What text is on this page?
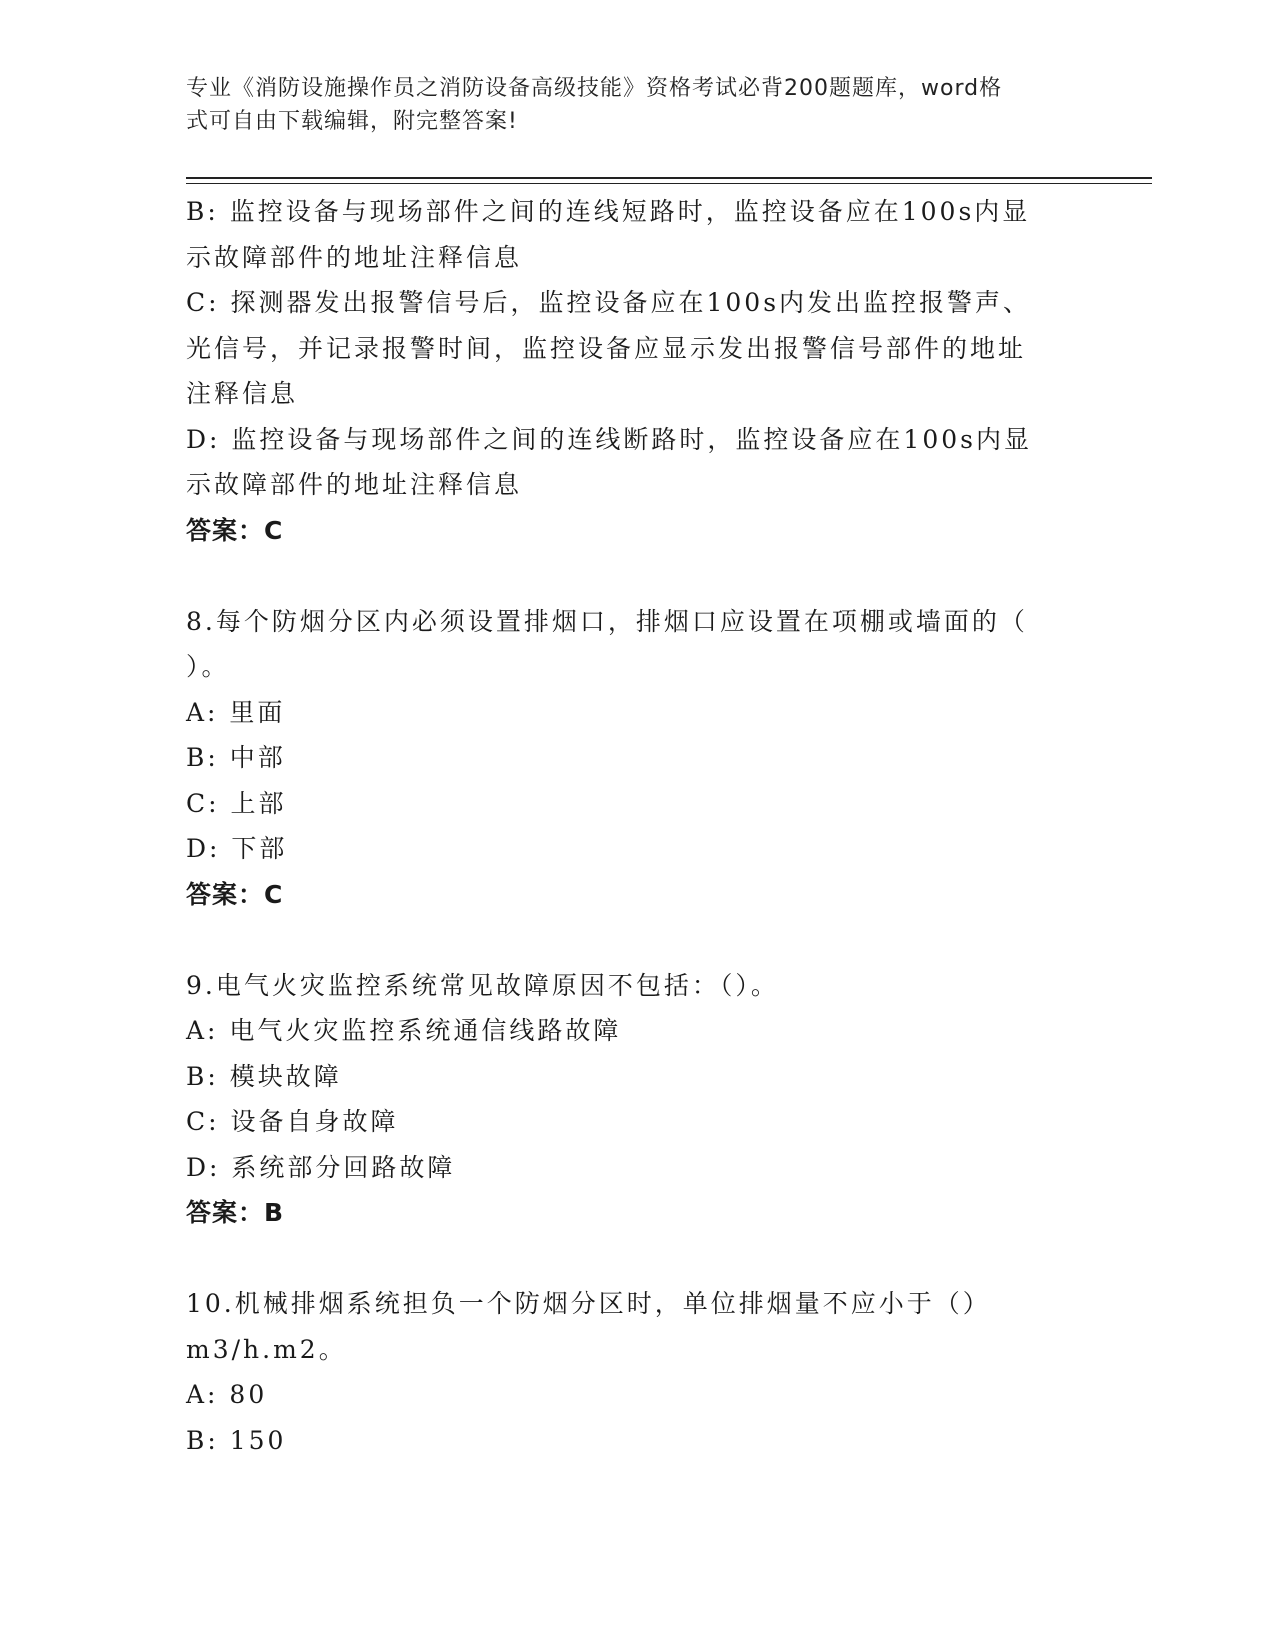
专业《消防设施操作员之消防设备高级技能》资格考试必背200题题库，word格
式可自由下载编辑，附完整答案!

B: 监控设备与现场部件之间的连线短路时，监控设备应在100s内显

示故障部件的地址注释信息

C: 探测器发出报警信号后，监控设备应在100s内发出监控报警声、

光信号，并记录报警时间，监控设备应显示发出报警信号部件的地址

注释信息

D: 监控设备与现场部件之间的连线断路时，监控设备应在100s内显

示故障部件的地址注释信息

答案：C

8.每个防烟分区内必须设置排烟口，排烟口应设置在项棚或墙面的（

）。

A: 里面

B: 中部

C: 上部

D: 下部

答案：C

9.电气火灾监控系统常见故障原因不包括：（）。

A: 电气火灾监控系统通信线路故障

B: 模块故障

C: 设备自身故障

D: 系统部分回路故障

答案：B

10.机械排烟系统担负一个防烟分区时，单位排烟量不应小于（）

m3/h.m2。

A: 80

B: 150
